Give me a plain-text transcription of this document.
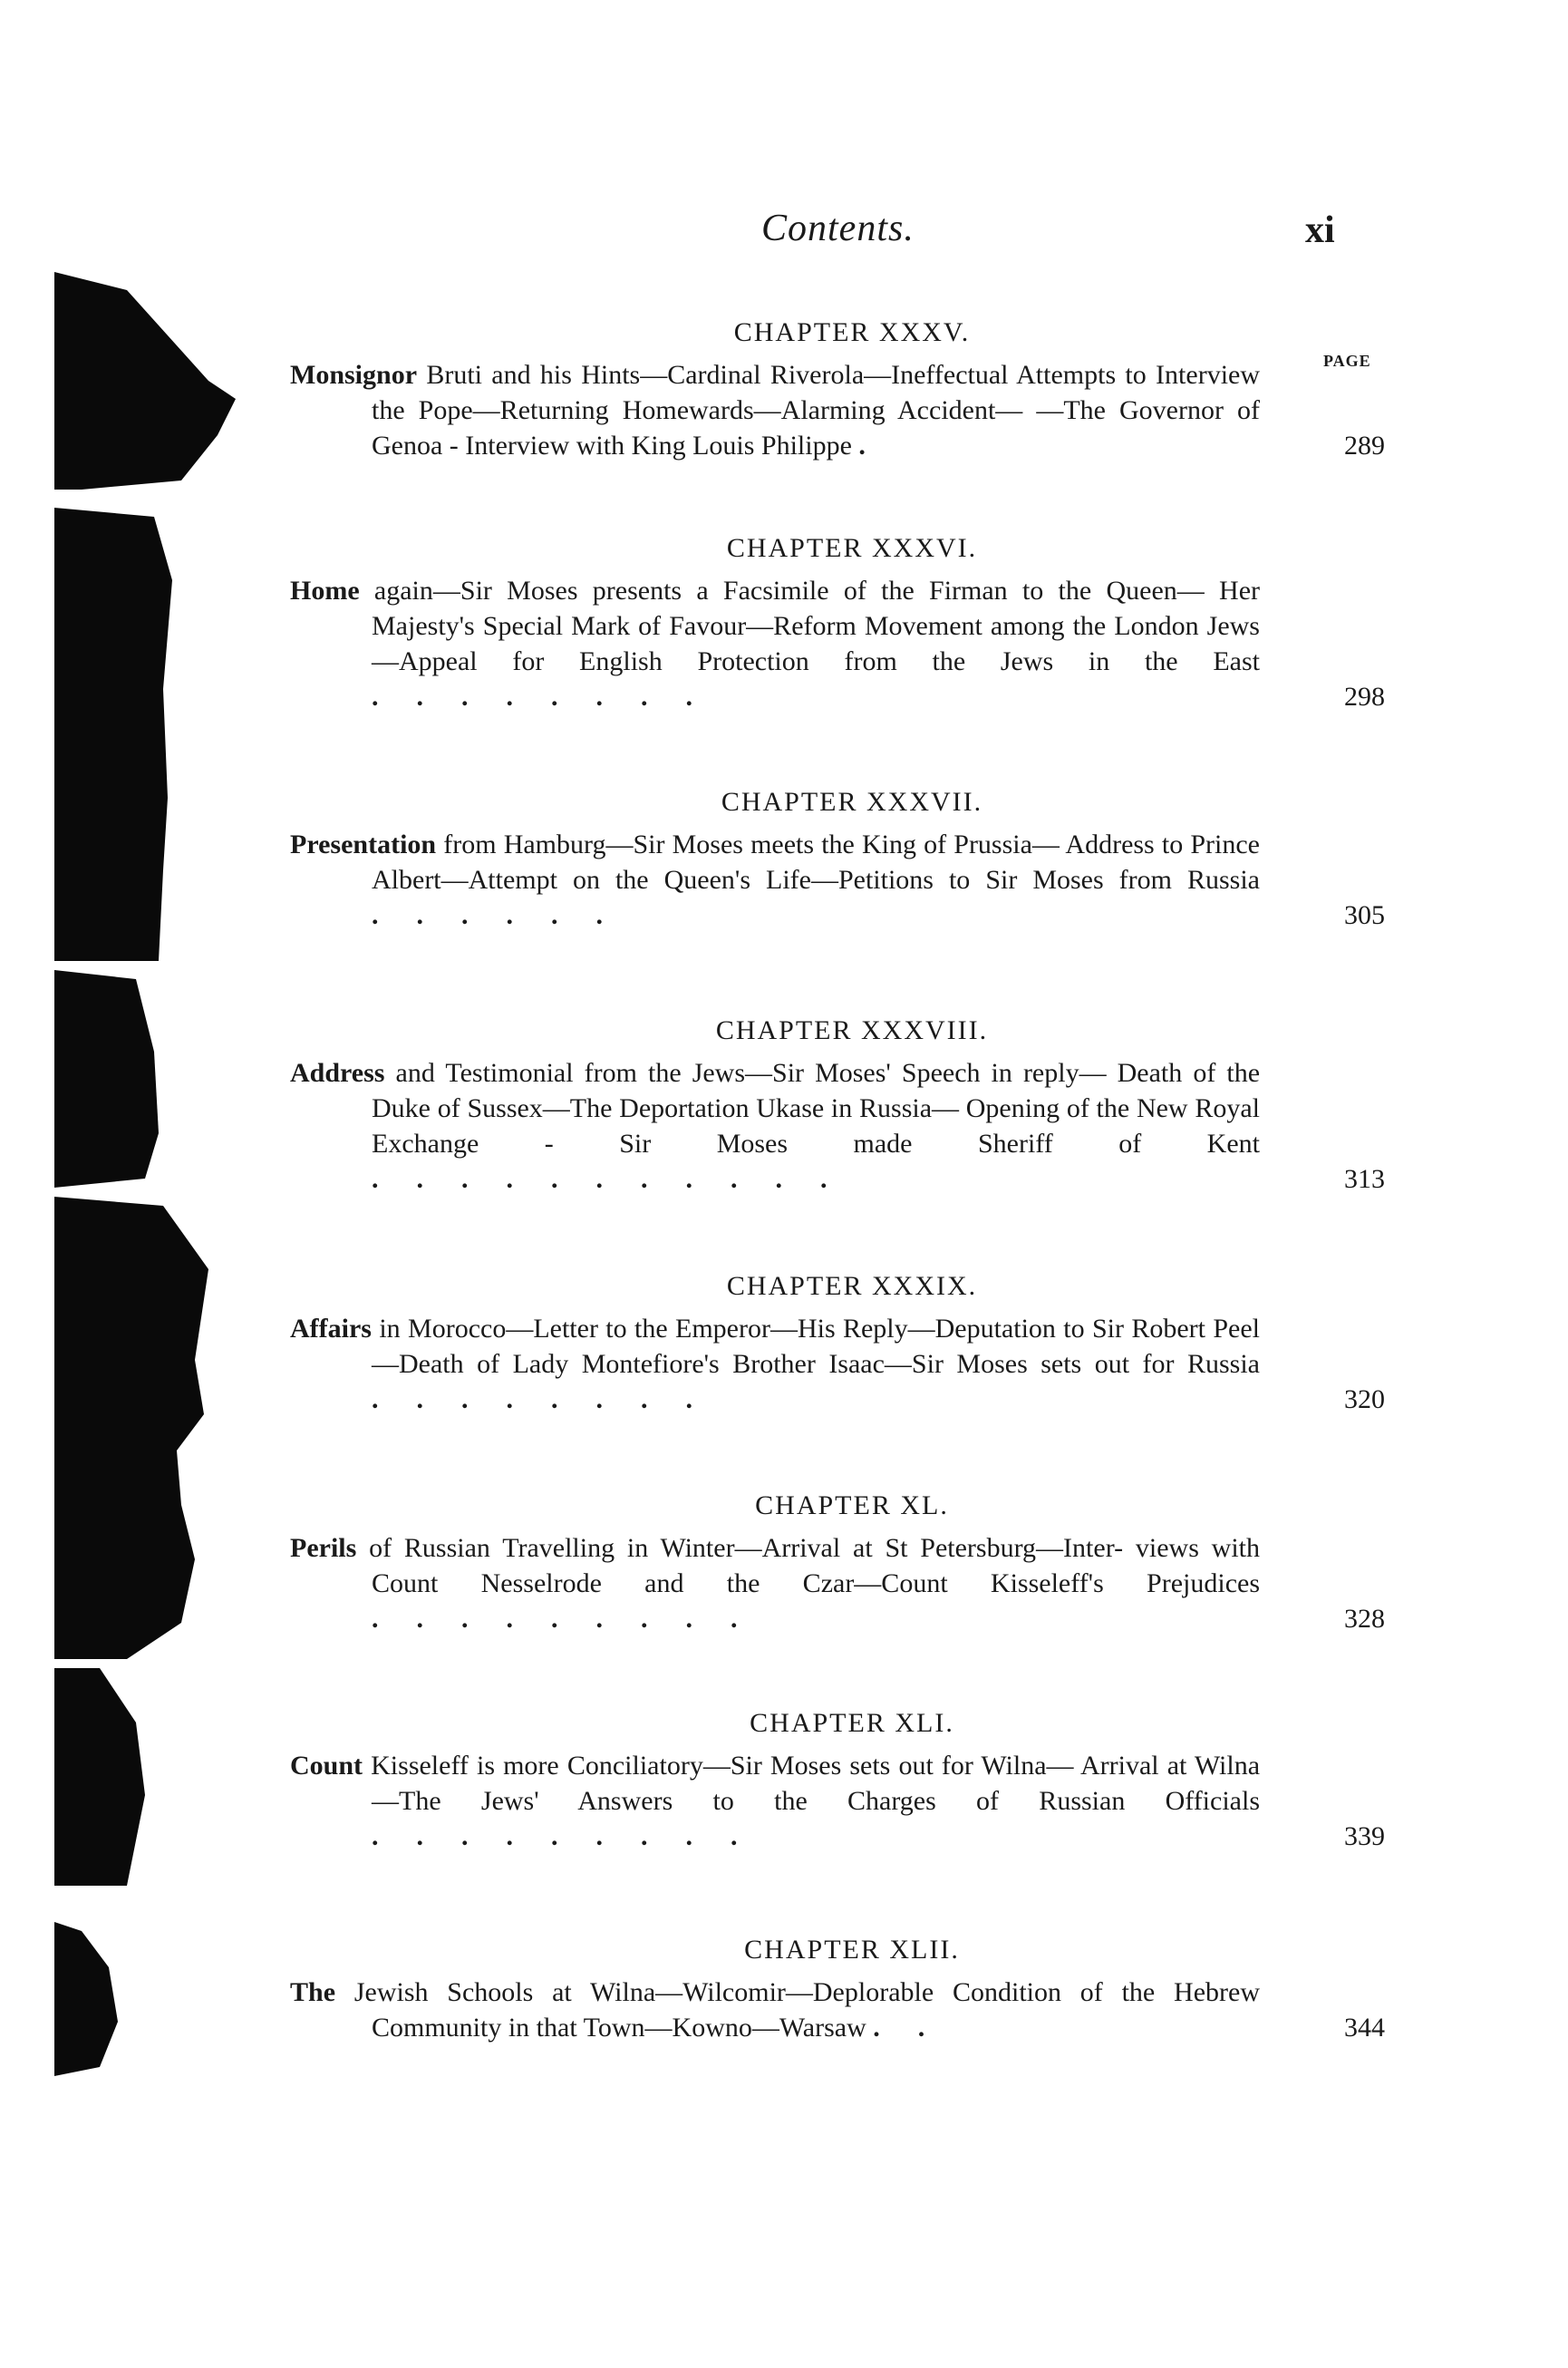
Contents.	xi
PAGE
CHAPTER XXXV.
Monsignor Bruti and his Hints—Cardinal Riverola—Ineffectual Attempts to Interview the Pope—Returning Homewards—Alarming Accident— —The Governor of Genoa - Interview with King Louis Philippe .	289
CHAPTER XXXVI.
Home again—Sir Moses presents a Facsimile of the Firman to the Queen— Her Majesty's Special Mark of Favour—Reform Movement among the London Jews—Appeal for English Protection from the Jews in the East ........	298
CHAPTER XXXVII.
Presentation from Hamburg—Sir Moses meets the King of Prussia— Address to Prince Albert—Attempt on the Queen's Life—Petitions to Sir Moses from Russia ......	305
CHAPTER XXXVIII.
Address and Testimonial from the Jews—Sir Moses' Speech in reply— Death of the Duke of Sussex—The Deportation Ukase in Russia— Opening of the New Royal Exchange - Sir Moses made Sheriff of Kent ...........	313
CHAPTER XXXIX.
Affairs in Morocco—Letter to the Emperor—His Reply—Deputation to Sir Robert Peel—Death of Lady Montefiore's Brother Isaac—Sir Moses sets out for Russia ........	320
CHAPTER XL.
Perils of Russian Travelling in Winter—Arrival at St Petersburg—Inter- views with Count Nesselrode and the Czar—Count Kisseleff's Prejudices .........	328
CHAPTER XLI.
Count Kisseleff is more Conciliatory—Sir Moses sets out for Wilna— Arrival at Wilna—The Jews' Answers to the Charges of Russian Officials .........	339
CHAPTER XLII.
The Jewish Schools at Wilna—Wilcomir—Deplorable Condition of the Hebrew Community in that Town—Kowno—Warsaw ..	344
